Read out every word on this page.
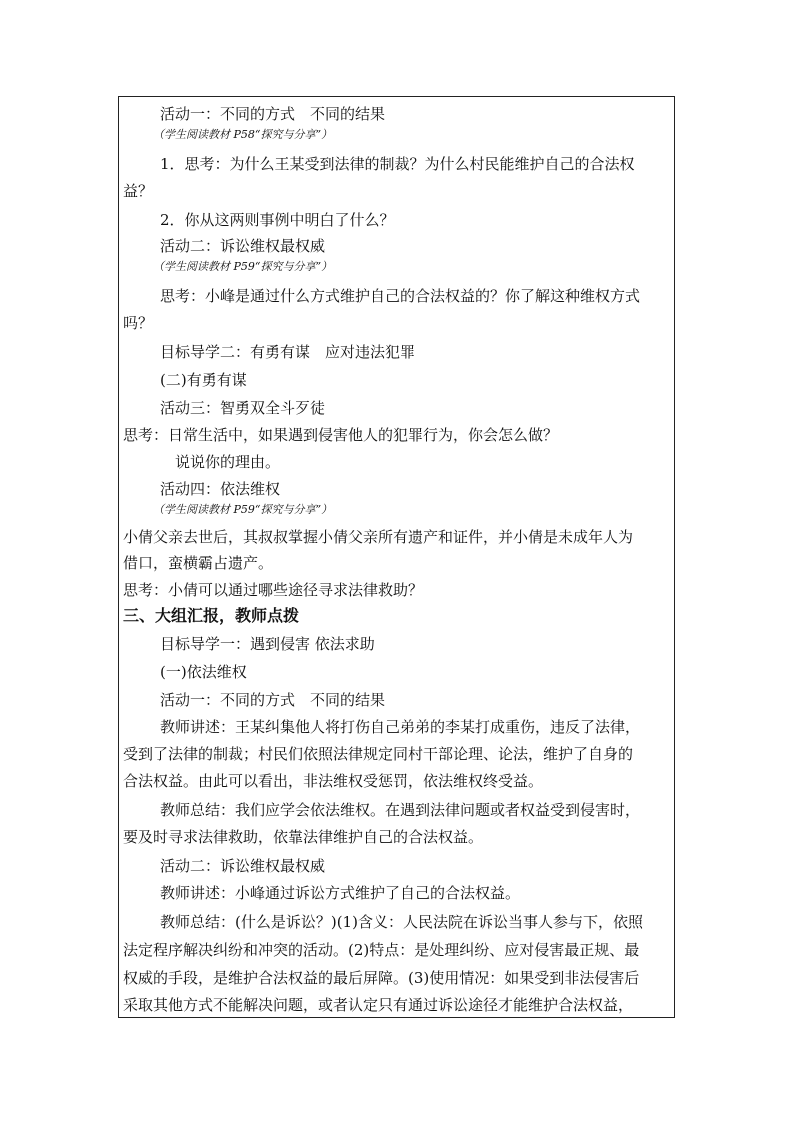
活动一：不同的方式　不同的结果
（学生阅读教材 P58“探究与分享”）
1．思考：为什么王某受到法律的制裁？为什么村民能维护自己的合法权
益？
2．你从这两则事例中明白了什么？
活动二：诉讼维权最权威
（学生阅读教材 P59“探究与分享”）
思考：小峰是通过什么方式维护自己的合法权益的？你了解这种维权方式
吗？
目标导学二：有勇有谋　应对违法犯罪
(二)有勇有谋
活动三：智勇双全斗歹徒
思考：日常生活中，如果遇到侵害他人的犯罪行为，你会怎么做？
说说你的理由。
活动四：依法维权
（学生阅读教材 P59“探究与分享”）
小倩父亲去世后，其叔叔掌握小倩父亲所有遗产和证件，并小倩是未成年人为
借口，蛮横霸占遗产。
思考：小倩可以通过哪些途径寻求法律救助？
三、大组汇报，教师点拨
目标导学一：遇到侵害 依法求助
(一)依法维权
活动一：不同的方式　不同的结果
教师讲述：王某纠集他人将打伤自己弟弟的李某打成重伤，违反了法律，
受到了法律的制裁；村民们依照法律规定同村干部论理、论法，维护了自身的
合法权益。由此可以看出，非法维权受惩罚，依法维权终受益。
教师总结：我们应学会依法维权。在遇到法律问题或者权益受到侵害时，
要及时寻求法律救助，依靠法律维护自己的合法权益。
活动二：诉讼维权最权威
教师讲述：小峰通过诉讼方式维护了自己的合法权益。
教师总结：(什么是诉讼？)(1)含义：人民法院在诉讼当事人参与下，依照
法定程序解决纠纷和冲突的活动。(2)特点：是处理纠纷、应对侵害最正规、最
权威的手段，是维护合法权益的最后屏障。(3)使用情况：如果受到非法侵害后
采取其他方式不能解决问题，或者认定只有通过诉讼途径才能维护合法权益，
